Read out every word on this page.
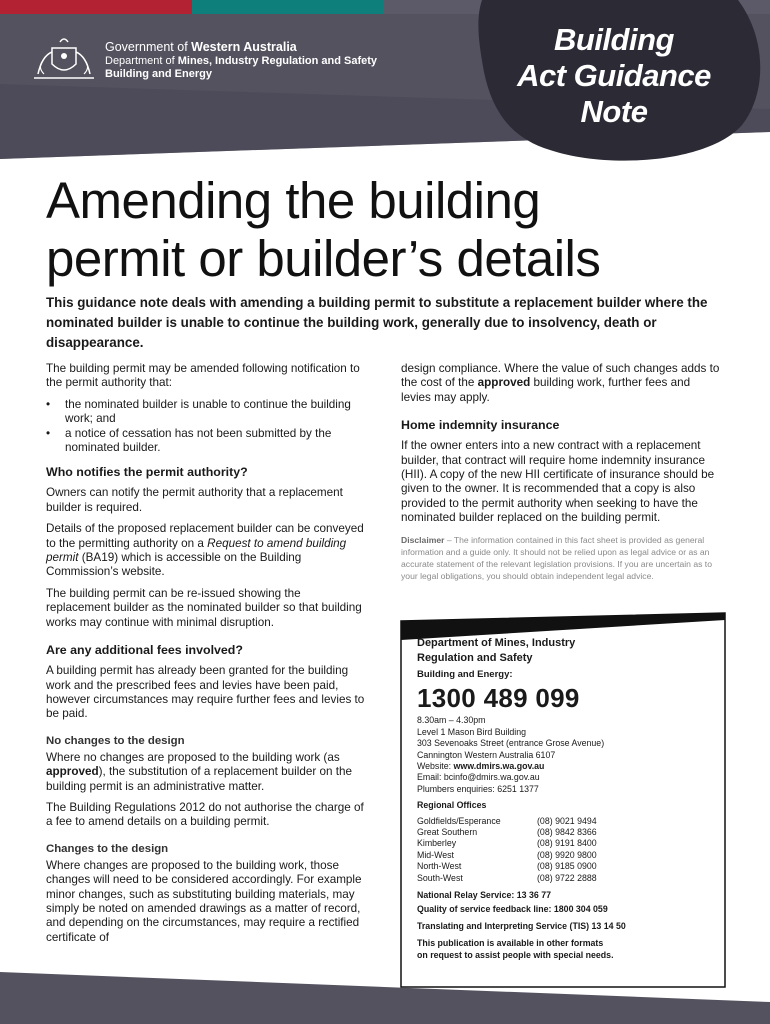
Building
Act Guidance
Note
Government of Western Australia
Department of Mines, Industry Regulation and Safety
Building and Energy
Amending the building
permit or builder’s details
This guidance note deals with amending a building permit to substitute a replacement builder where the nominated builder is unable to continue the building work, generally due to insolvency, death or disappearance.

The building permit may be amended following notification to the permit authority that:

• the nominated builder is unable to continue the building work; and
• a notice of cessation has not been submitted by the nominated builder.
Who notifies the permit authority?

Owners can notify the permit authority that a replacement builder is required.

Details of the proposed replacement builder can be conveyed to the permitting authority on a Request to amend building permit (BA19) which is accessible on the Building Commission’s website.

The building permit can be re-issued showing the replacement builder as the nominated builder so that building works may continue with minimal disruption.

Are any additional fees involved?

A building permit has already been granted for the building work and the prescribed fees and levies have been paid, however circumstances may require further fees and levies to be paid.

No changes to the design

Where no changes are proposed to the building work (as approved), the substitution of a replacement builder on the building permit is an administrative matter.

The Building Regulations 2012 do not authorise the charge of a fee to amend details on a building permit.

Changes to the design

Where changes are proposed to the building work, those changes will need to be considered accordingly. For example minor changes, such as substituting building materials, may simply be noted on amended drawings as a matter of record, and depending on the circumstances, may require a rectified certificate of

design compliance. Where the value of such changes adds to the cost of the approved building work, further fees and levies may apply.

Home indemnity insurance

If the owner enters into a new contract with a replacement builder, that contract will require home indemnity insurance (HII). A copy of the new HII certificate of insurance should be given to the owner. It is recommended that a copy is also provided to the permit authority when seeking to have the nominated builder replaced on the building permit.

Disclaimer – The information contained in this fact sheet is provided as general information and a guide only. It should not be relied upon as legal advice or as an accurate statement of the relevant legislation provisions. If you are uncertain as to your legal obligations, you should obtain independent legal advice.
Department of Mines, Industry
Regulation and Safety
Building and Energy:
1300 489 099
8.30am – 4.30pm
Level 1 Mason Bird Building
303 Sevenoaks Street (entrance Grose Avenue)
Cannington Western Australia 6107
Website: www.dmirs.wa.gov.au
Email: bcinfo@dmirs.wa.gov.au
Plumbers enquiries: 6251 1377
Regional Offices
Goldfields/Esperance
Great Southern
Kimberley
Mid-West
North-West
South-West
(08) 9021 9494
(08) 9842 8366
(08) 9191 8400
(08) 9920 9800
(08) 9185 0900
(08) 9722 2888
National Relay Service: 13 36 77
Quality of service feedback line: 1800 304 059
Translating and Interpreting Service (TIS) 13 14 50
This publication is available in other formats
on request to assist people with special needs.
